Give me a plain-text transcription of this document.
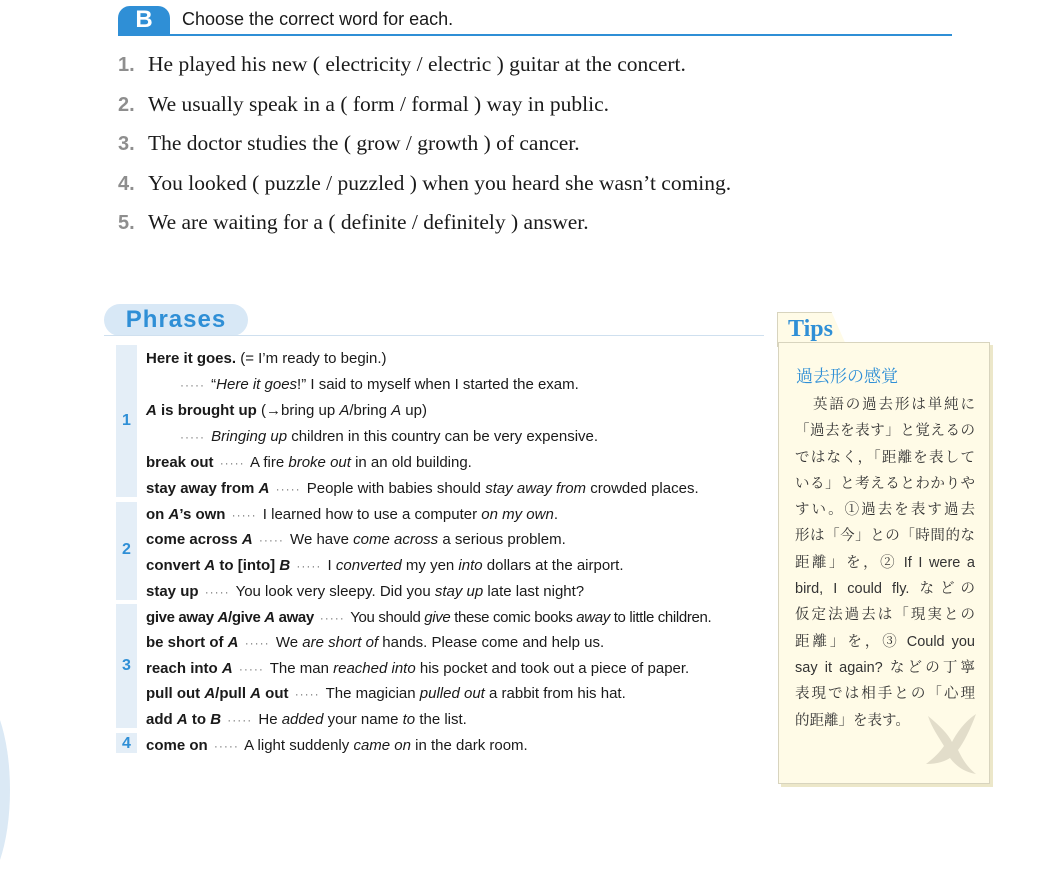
B	Choose the correct word for each.
1. He played his new ( electricity / electric ) guitar at the concert.
2. We usually speak in a ( form / formal ) way in public.
3. The doctor studies the ( grow / growth ) of cancer.
4. You looked ( puzzle / puzzled ) when you heard she wasn’t coming.
5. We are waiting for a ( definite / definitely ) answer.
Phrases
1
2
3
4
Here it goes. (= I’m ready to begin.)
····· “Here it goes!” I said to myself when I started the exam.
A is brought up (→bring up A/bring A up)
····· Bringing up children in this country can be very expensive.
break out ····· A fire broke out in an old building.
stay away from A ····· People with babies should stay away from crowded places.
on A’s own ····· I learned how to use a computer on my own.
come across A ····· We have come across a serious problem.
convert A to [into] B ····· I converted my yen into dollars at the airport.
stay up ····· You look very sleepy. Did you stay up late last night?
give away A/give A away ····· You should give these comic books away to little children.
be short of A ····· We are short of hands. Please come and help us.
reach into A ····· The man reached into his pocket and took out a piece of paper.
pull out A/pull A out ····· The magician pulled out a rabbit from his hat.
add A to B ····· He added your name to the list.
come on ····· A light suddenly came on in the dark room.
Tips
過去形の感覚
英語の過去形は単純に
「過去を表す」と覚えるの
ではなく，「距離を表して
いる」と考えるとわかりや
すい。①過去を表す過去
形は「今」との「時間的な
距離」を，② If I were a
bird, I could fly. などの
仮定法過去は「現実との
距離」を，③ Could you
say it again? などの丁寧
表現では相手との「心理
的距離」を表す。
